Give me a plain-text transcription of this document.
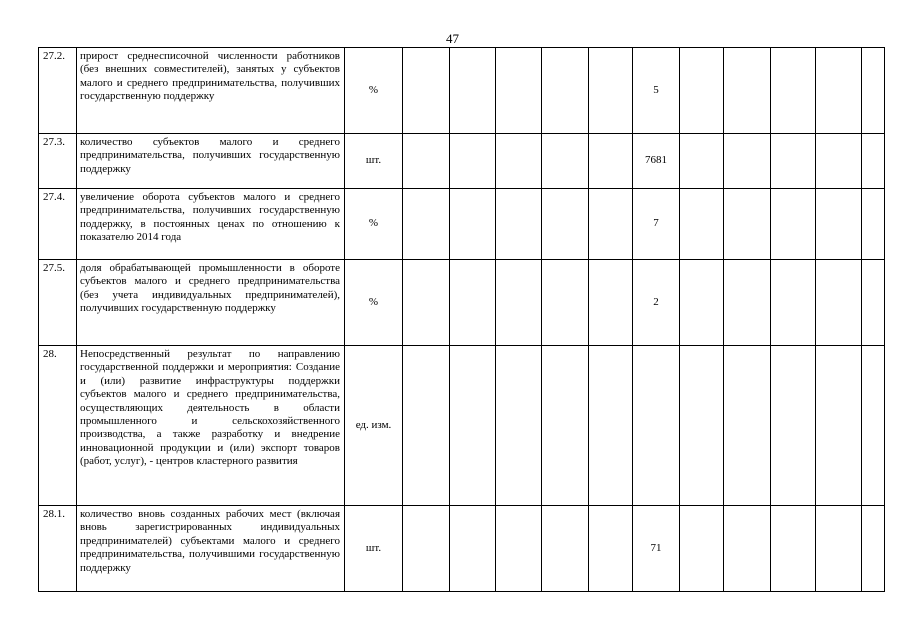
47
27.2.	прирост среднесписочной численности работников (без внешних совместителей), занятых у субъектов малого и среднего предпринимательства, получивших государственную поддержку	%						5					
27.3.	количество субъектов малого и среднего предпринимательства, получивших государственную поддержку	шт.						7681					
27.4.	увеличение оборота субъектов малого и среднего предпринимательства, получивших государственную поддержку, в постоянных ценах по отношению к показателю 2014 года	%						7					
27.5.	доля обрабатывающей промышленности в обороте субъектов малого и среднего предпринимательства (без учета индивидуальных предпринимателей), получивших государственную поддержку	%						2					
28.	Непосредственный результат по направлению государственной поддержки и мероприятия: Создание и (или) развитие инфраструктуры поддержки субъектов малого и среднего предпринимательства, осуществляющих деятельность в области промышленного и сельскохозяйственного производства, а также разработку и внедрение инновационной продукции и (или) экспорт товаров (работ, услуг), - центров кластерного развития	ед. изм.											
28.1.	количество вновь созданных рабочих мест (включая вновь зарегистрированных индивидуальных предпринимателей) субъектами малого и среднего предпринимательства, получившими государственную поддержку	шт.						71					
